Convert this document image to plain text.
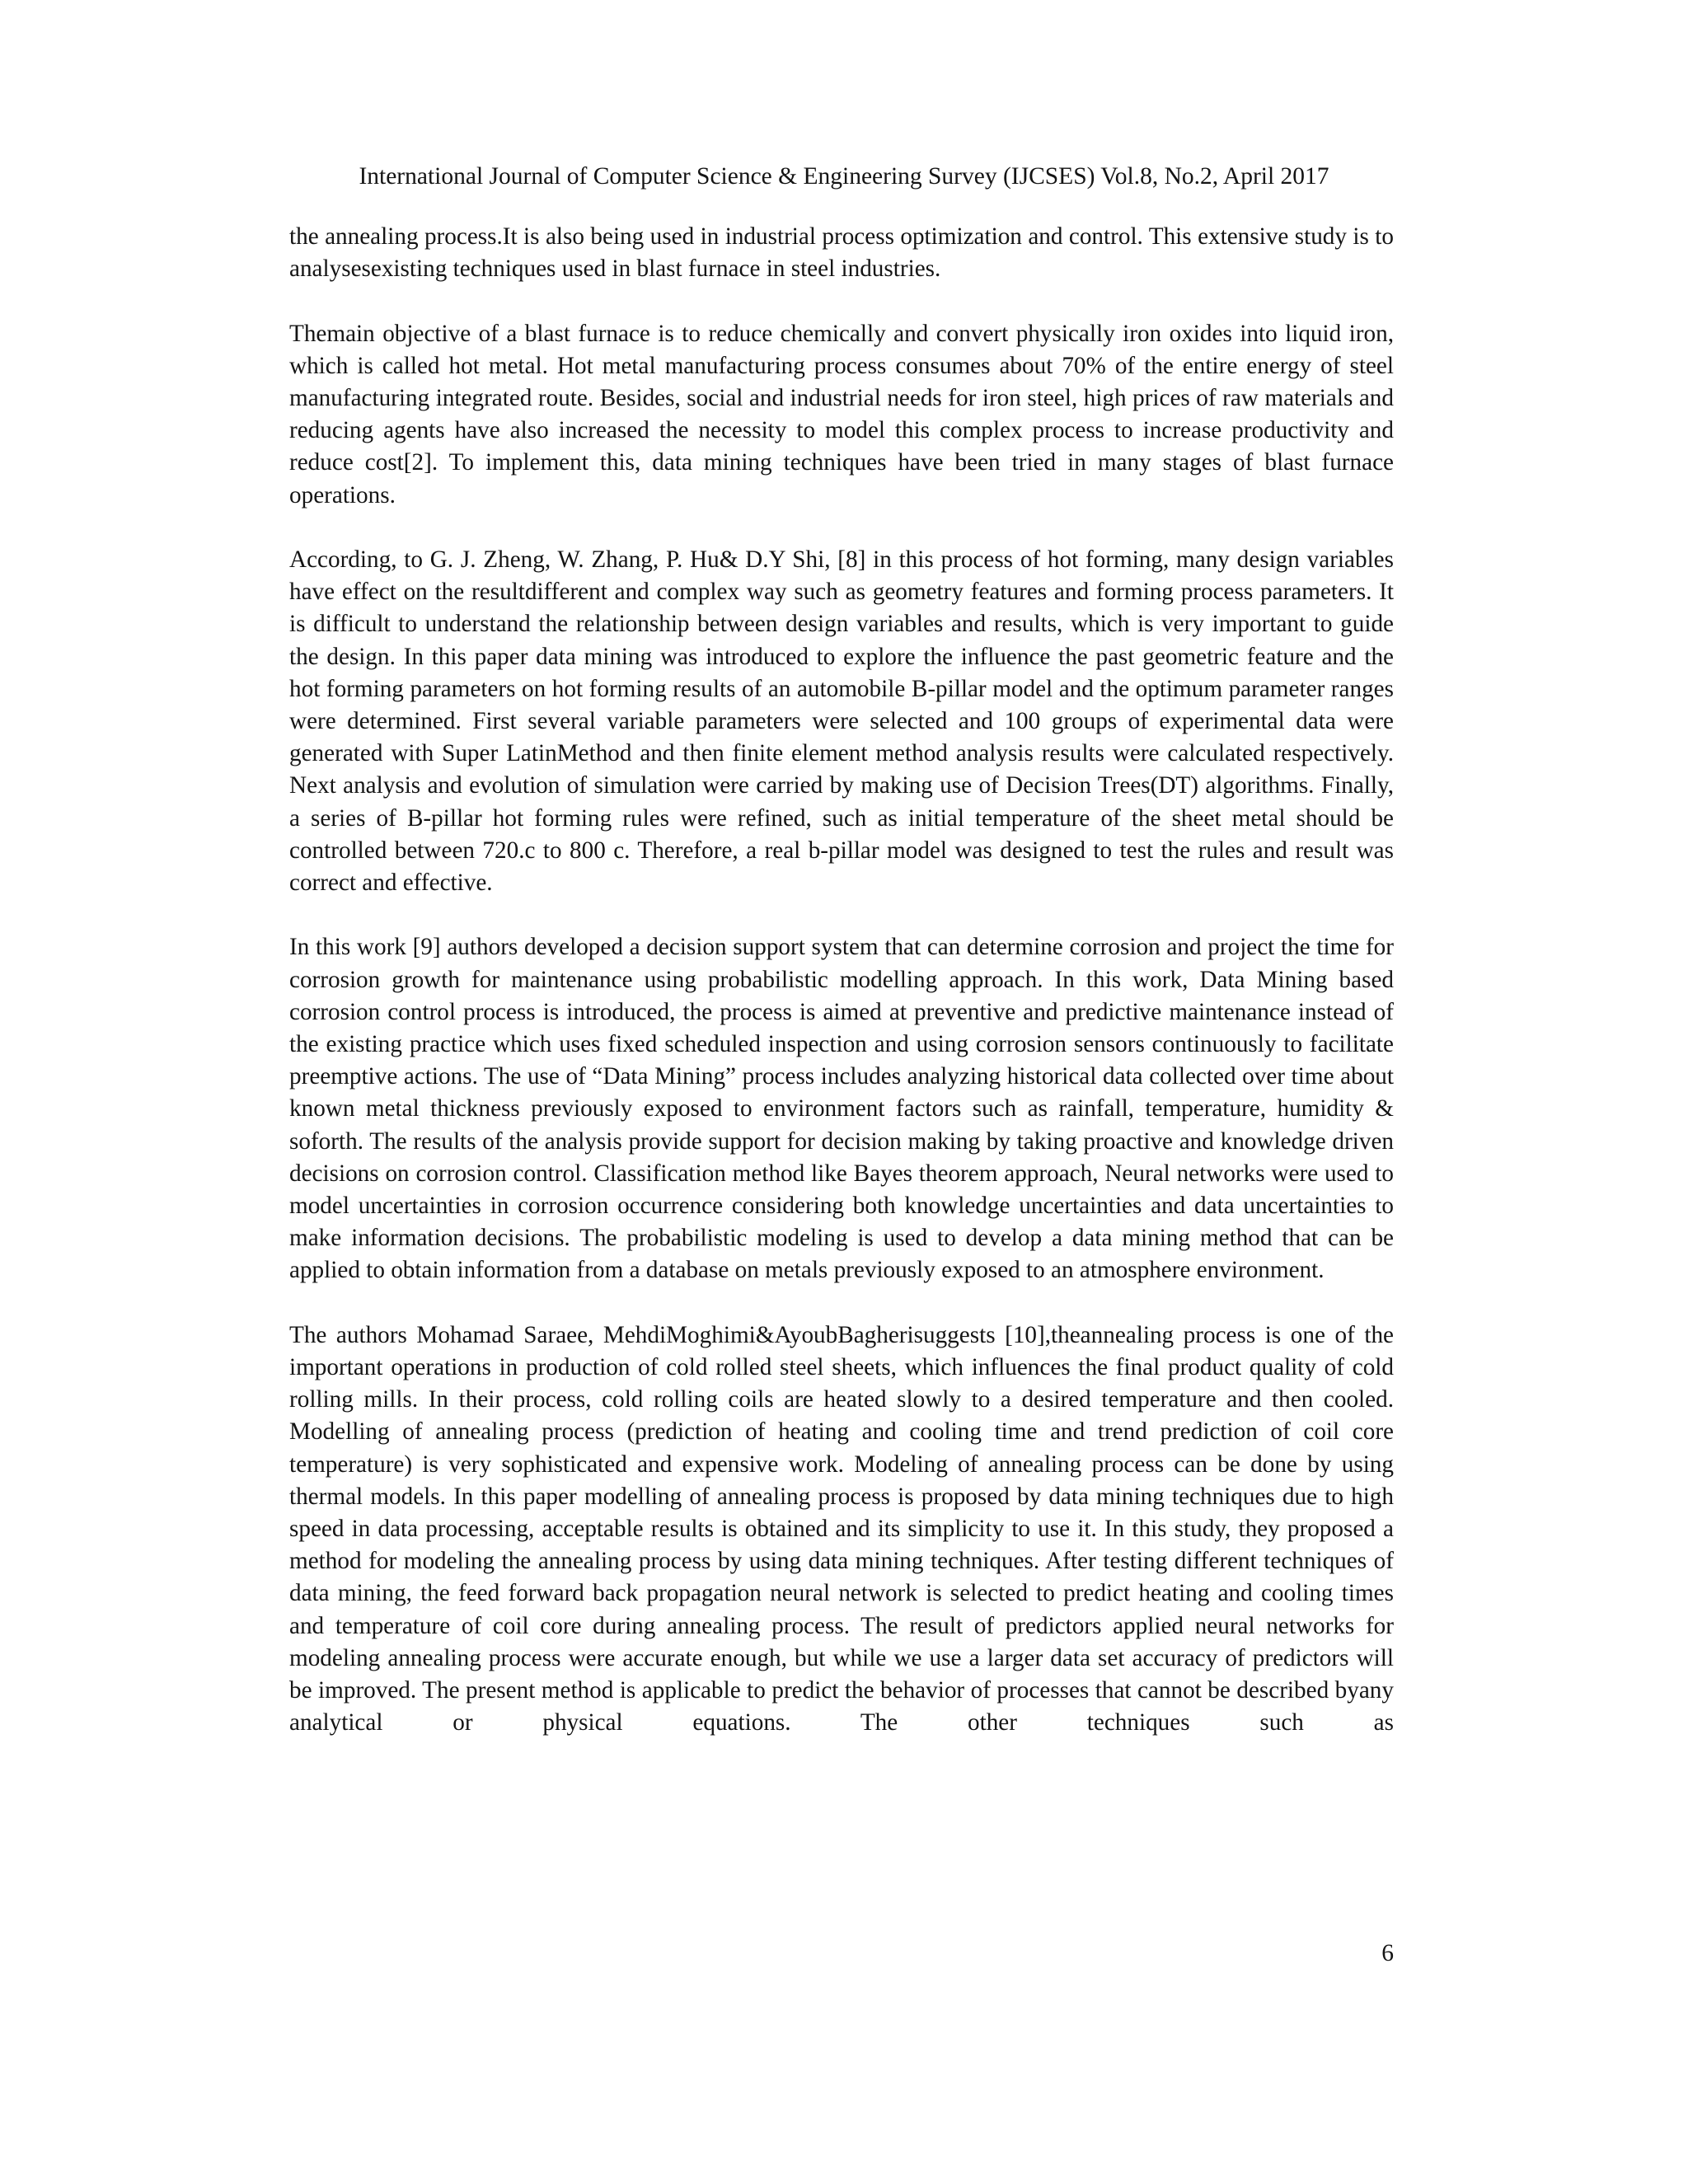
International Journal of Computer Science & Engineering Survey (IJCSES) Vol.8, No.2, April 2017

the annealing process.It is also being used in industrial process optimization and control. This extensive study is to analysesexisting techniques used in blast furnace in steel industries.

Themain objective of a blast furnace is to reduce chemically and convert physically iron oxides into liquid iron, which is called hot metal. Hot metal manufacturing process consumes about 70% of the entire energy of steel manufacturing integrated route. Besides, social and industrial needs for iron steel, high prices of raw materials and reducing agents have also increased the necessity to model this complex process to increase productivity and reduce cost[2]. To implement this, data mining techniques have been tried in many stages of blast furnace operations.

According, to G. J. Zheng, W. Zhang, P. Hu& D.Y Shi, [8] in this process of hot forming, many design variables have effect on the resultdifferent and complex way such as geometry features and forming process parameters. It is difficult to understand the relationship between design variables and results, which is very important to guide the design. In this paper data mining was introduced to explore the influence the past geometric feature and the hot forming parameters on hot forming results of an automobile B-pillar model and the optimum parameter ranges were determined. First several variable parameters were selected and 100 groups of experimental data were generated with Super LatinMethod and then finite element method analysis results were calculated respectively. Next analysis and evolution of simulation were carried by making use of Decision Trees(DT) algorithms. Finally, a series of B-pillar hot forming rules were refined, such as initial temperature of the sheet metal should be controlled between 720.c to 800 c. Therefore, a real b-pillar model was designed to test the rules and result was correct and effective.

In this work [9] authors developed a decision support system that can determine corrosion and project the time for corrosion growth for maintenance using probabilistic modelling approach. In this work, Data Mining based corrosion control process is introduced, the process is aimed at preventive and predictive maintenance instead of the existing practice which uses fixed scheduled inspection and using corrosion sensors continuously to facilitate preemptive actions. The use of “Data Mining” process includes analyzing historical data collected over time about known metal thickness previously exposed to environment factors such as rainfall, temperature, humidity & soforth. The results of the analysis provide support for decision making by taking proactive and knowledge driven decisions on corrosion control. Classification method like Bayes theorem approach, Neural networks were used to model uncertainties in corrosion occurrence considering both knowledge uncertainties and data uncertainties to make information decisions. The probabilistic modeling is used to develop a data mining method that can be applied to obtain information from a database on metals previously exposed to an atmosphere environment.

The authors Mohamad Saraee, MehdiMoghimi&AyoubBagherisuggests [10],theannealing process is one of the important operations in production of cold rolled steel sheets, which influences the final product quality of cold rolling mills. In their process, cold rolling coils are heated slowly to a desired temperature and then cooled. Modelling of annealing process (prediction of heating and cooling time and trend prediction of coil core temperature) is very sophisticated and expensive work. Modeling of annealing process can be done by using thermal models. In this paper modelling of annealing process is proposed by data mining techniques due to high speed in data processing, acceptable results is obtained and its simplicity to use it. In this study, they proposed a method for modeling the annealing process by using data mining techniques. After testing different techniques of data mining, the feed forward back propagation neural network is selected to predict heating and cooling times and temperature of coil core during annealing process. The result of predictors applied neural networks for modeling annealing process were accurate enough, but while we use a larger data set accuracy of predictors will be improved. The present method is applicable to predict the behavior of processes that cannot be described byany analytical or physical equations. The other techniques such as

6
